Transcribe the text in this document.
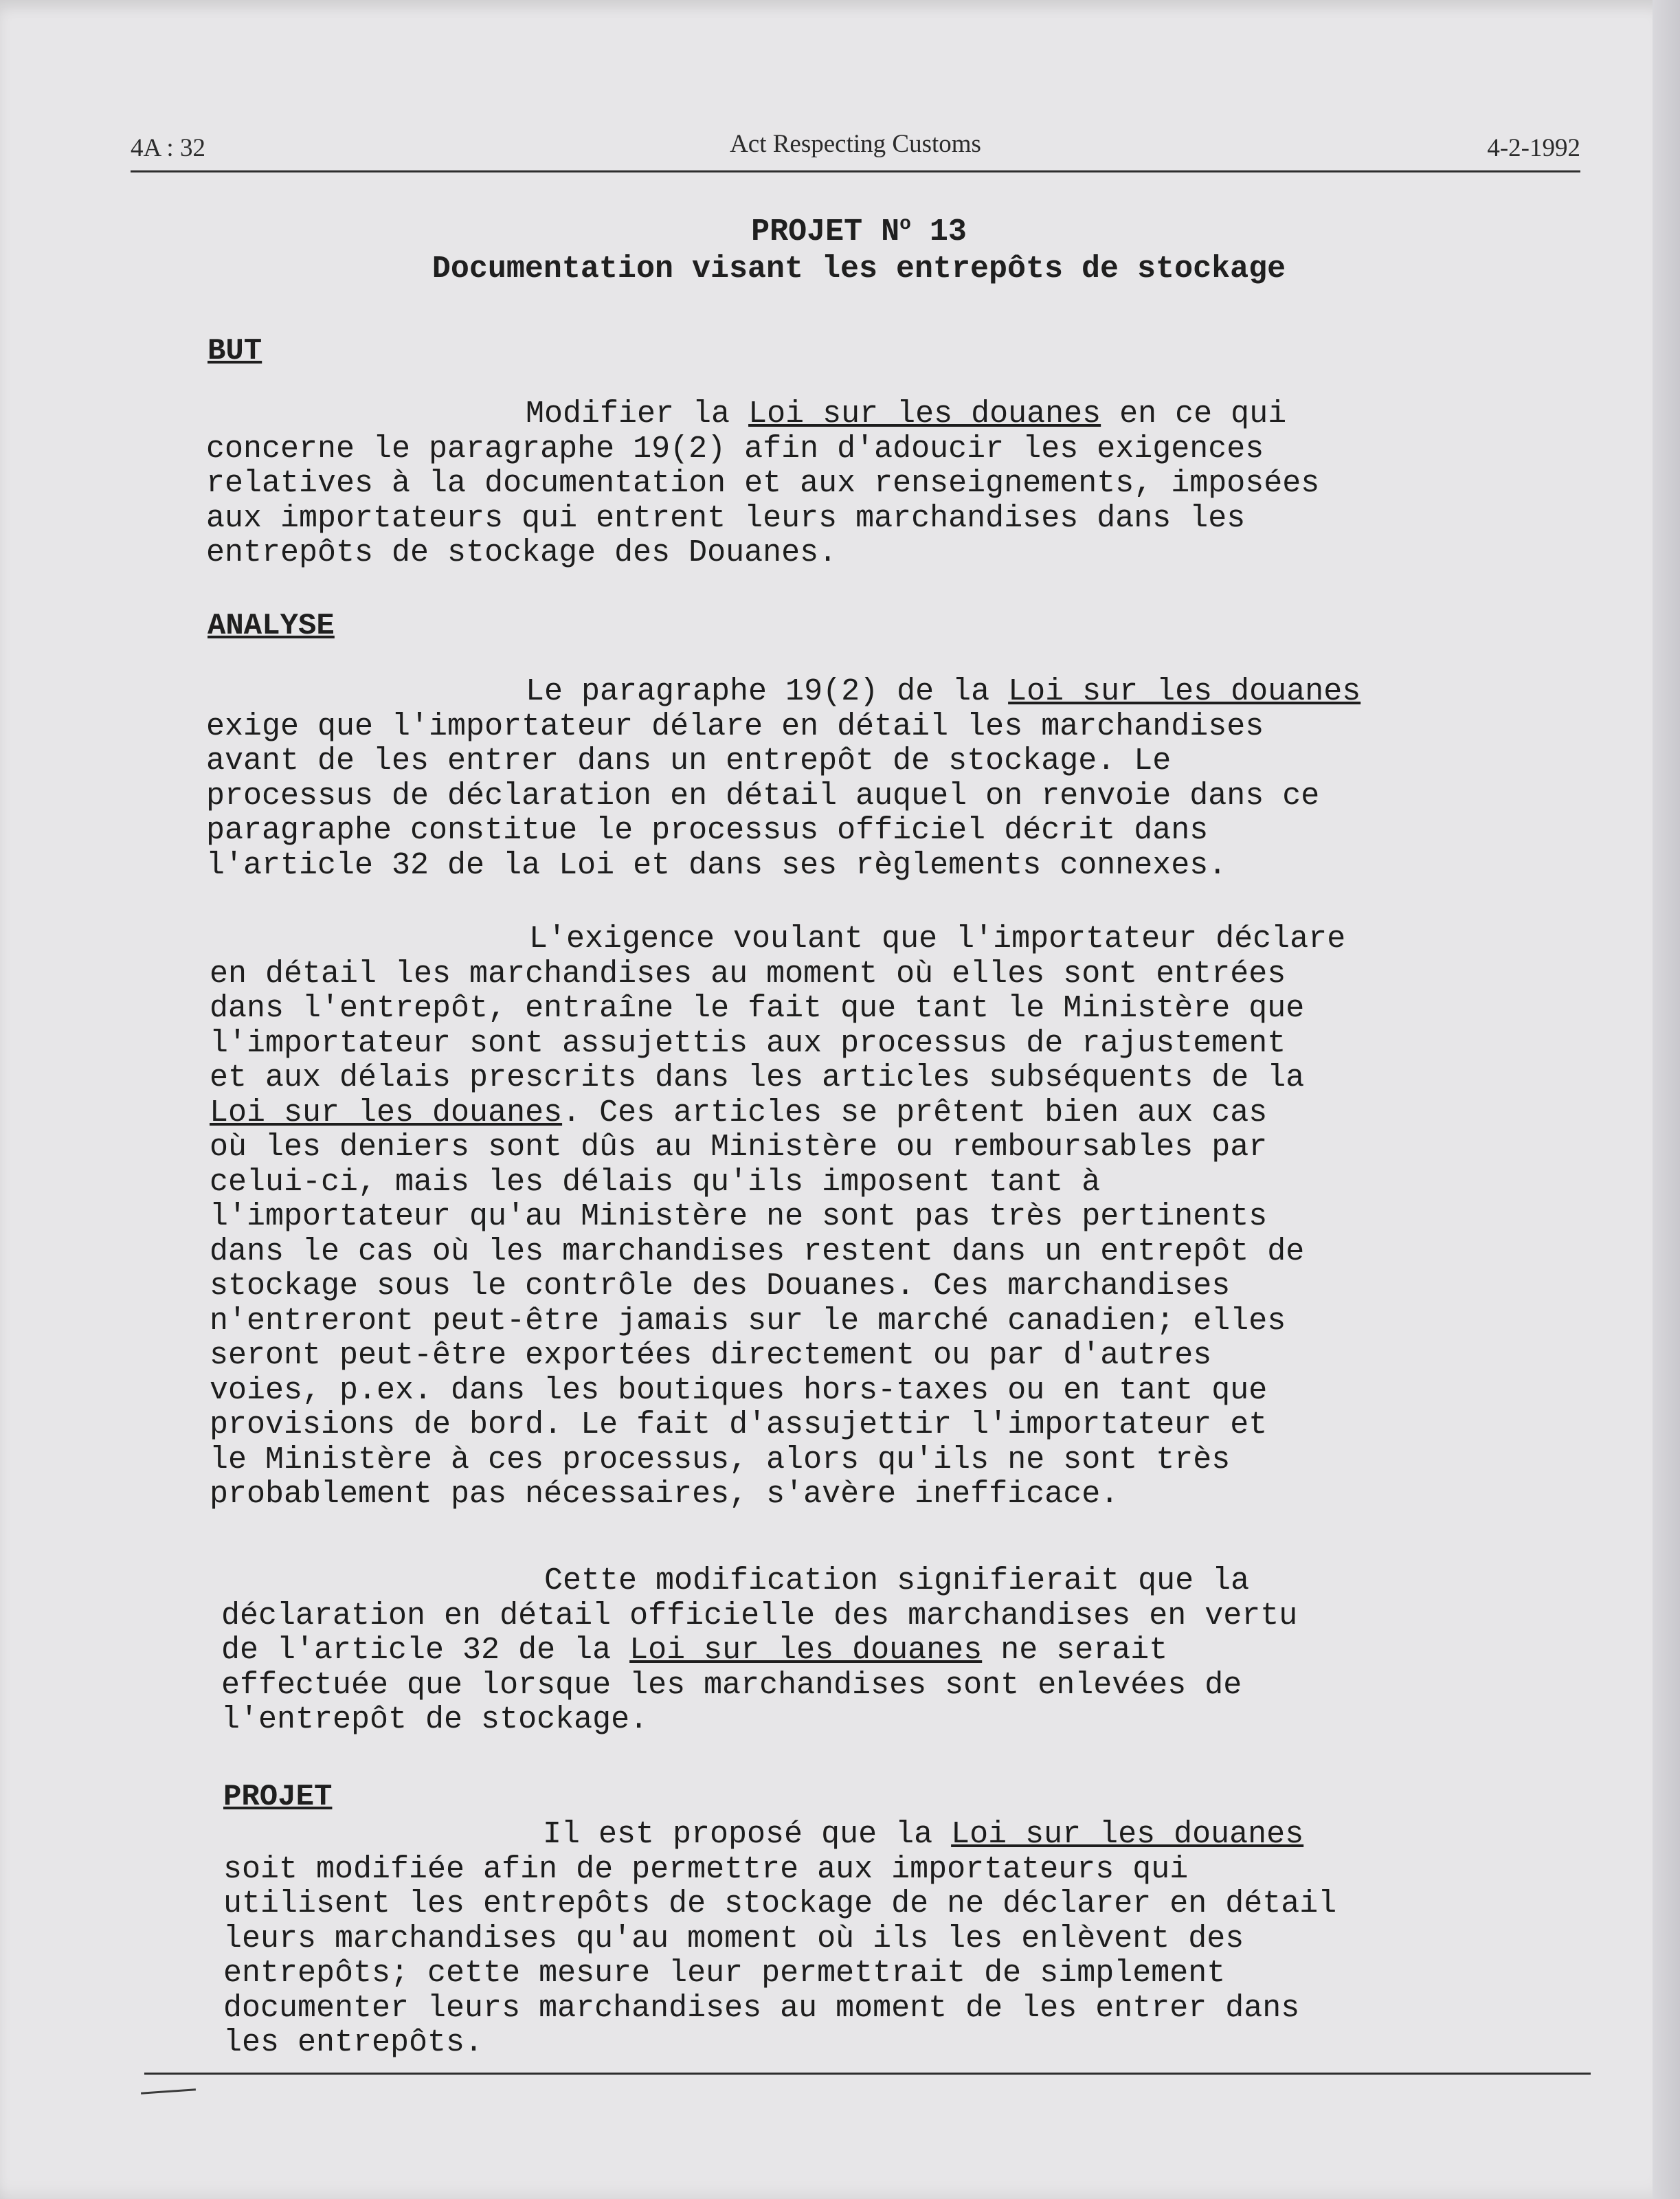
4A : 32	Act Respecting Customs	4-2-1992
PROJET $N^o$ 13
Documentation visant les entrepôts de stockage
BUT
Modifier la Loi sur les douanes en ce qui
concerne le paragraphe 19(2) afin d'adoucir les exigences
relatives à la documentation et aux renseignements, imposées
aux importateurs qui entrent leurs marchandises dans les
entrepôts de stockage des Douanes.
ANALYSE
Le paragraphe 19(2) de la Loi sur les douanes
exige que l'importateur délare en détail les marchandises
avant de les entrer dans un entrepôt de stockage. Le
processus de déclaration en détail auquel on renvoie dans ce
paragraphe constitue le processus officiel décrit dans
l'article 32 de la Loi et dans ses règlements connexes.
L'exigence voulant que l'importateur déclare
en détail les marchandises au moment où elles sont entrées
dans l'entrepôt, entraîne le fait que tant le Ministère que
l'importateur sont assujettis aux processus de rajustement
et aux délais prescrits dans les articles subséquents de la
Loi sur les douanes. Ces articles se prêtent bien aux cas
où les deniers sont dûs au Ministère ou remboursables par
celui-ci, mais les délais qu'ils imposent tant à
l'importateur qu'au Ministère ne sont pas très pertinents
dans le cas où les marchandises restent dans un entrepôt de
stockage sous le contrôle des Douanes. Ces marchandises
n'entreront peut-être jamais sur le marché canadien; elles
seront peut-être exportées directement ou par d'autres
voies, p.ex. dans les boutiques hors-taxes ou en tant que
provisions de bord. Le fait d'assujettir l'importateur et
le Ministère à ces processus, alors qu'ils ne sont très
probablement pas nécessaires, s'avère inefficace.
Cette modification signifierait que la
déclaration en détail officielle des marchandises en vertu
de l'article 32 de la Loi sur les douanes ne serait
effectuée que lorsque les marchandises sont enlevées de
l'entrepôt de stockage.
PROJET
Il est proposé que la Loi sur les douanes
soit modifiée afin de permettre aux importateurs qui
utilisent les entrepôts de stockage de ne déclarer en détail
leurs marchandises qu'au moment où ils les enlèvent des
entrepôts; cette mesure leur permettrait de simplement
documenter leurs marchandises au moment de les entrer dans
les entrepôts.
